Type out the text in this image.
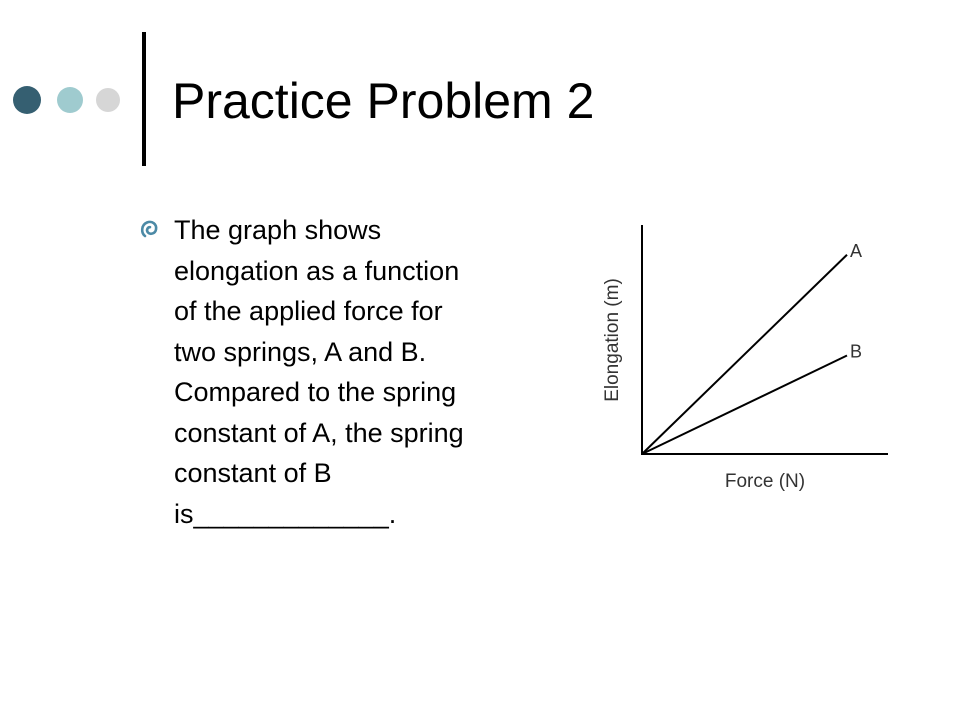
Practice Problem 2

The graph shows
elongation as a function
of the applied force for
two springs, A and B.
Compared to the spring
constant of A, the spring
constant of B
is_____________.

A
B
Force (N)
Elongation (m)
